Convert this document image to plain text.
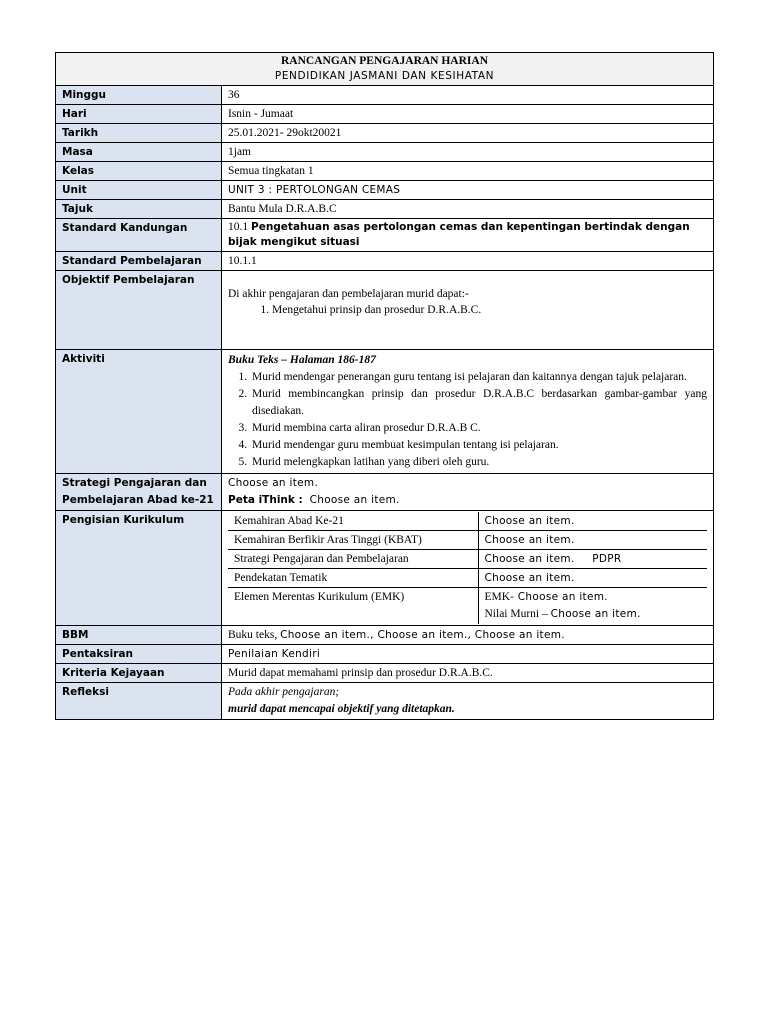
RANCANGAN PENGAJARAN HARIAN
PENDIDIKAN JASMANI DAN KESIHATAN

Minggu	36
Hari	Isnin - Jumaat
Tarikh	25.01.2021- 29okt20021
Masa	1jam
Kelas	Semua tingkatan 1
Unit	UNIT 3 : PERTOLONGAN CEMAS
Tajuk	Bantu Mula D.R.A.B.C
Standard Kandungan	10.1 Pengetahuan asas pertolongan cemas dan kepentingan bertindak dengan bijak mengikut situasi
Standard Pembelajaran	10.1.1
Objektif Pembelajaran	
Di akhir pengajaran dan pembelajaran murid dapat:-
1. Mengetahui prinsip dan prosedur D.R.A.B.C.

Aktiviti	Buku Teks – Halaman 186-187
1. Murid mendengar penerangan guru tentang isi pelajaran dan kaitannya dengan tajuk pelajaran.
2. Murid membincangkan prinsip dan prosedur D.R.A.B.C berdasarkan gambar-gambar yang disediakan.
3. Murid membina carta aliran prosedur D.R.A.B C.
4. Murid mendengar guru membuat kesimpulan tentang isi pelajaran.
5. Murid melengkapkan latihan yang diberi oleh guru.

Strategi Pengajaran dan
Pembelajaran Abad ke-21

Choose an item.
Peta iThink : Choose an item.

Pengisian Kurikulum		Kemahiran Abad Ke-21	Choose an item.
Kemahiran Berfikir Aras Tinggi (KBAT)	Choose an item.
Strategi Pengajaran dan Pembelajaran	Choose an item. PDPR
Pendekatan Tematik	Choose an item.
Elemen Merentas Kurikulum (EMK)	EMK- Choose an item.
Nilai Murni – Choose an item.

BBM	Buku teks, Choose an item., Choose an item., Choose an item.
Pentaksiran	Penilaian Kendiri
Kriteria Kejayaan	Murid dapat memahami prinsip dan prosedur D.R.A.B.C.
Refleksi	Pada akhir pengajaran;
murid dapat mencapai objektif yang ditetapkan.
